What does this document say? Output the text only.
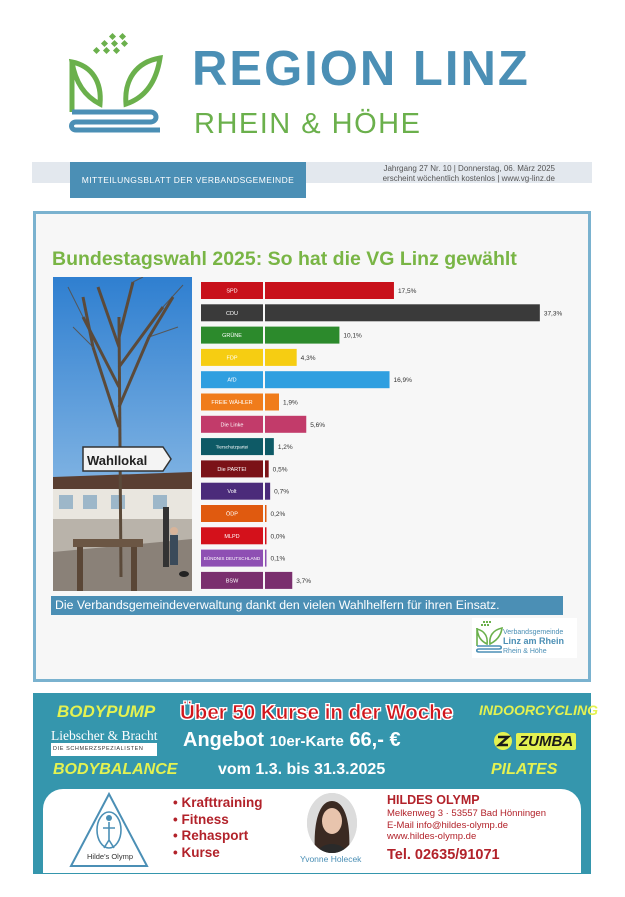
REGION LINZ
RHEIN & HÖHE
MITTEILUNGSBLATT DER VERBANDSGEMEINDE
Jahrgang 27 Nr. 10 | Donnerstag, 06. März 2025
erscheint wöchentlich kostenlos | www.vg-linz.de
Bundestagswahl 2025: So hat die VG Linz gewählt
Wahllokal
SPD	17,5%
CDU	37,3%
GRÜNE	10,1%
FDP	4,3%
AfD	16,9%
FREIE WÄHLER	1,9%
Die Linke	5,6%
Tierschutzpartei	1,2%
Die PARTEI	0,5%
Volt	0,7%
ÖDP	0,2%
MLPD	0,0%
BÜNDNIS DEUTSCHLAND 0,1%
BSW	3,7%
Die Verbandsgemeindeverwaltung dankt den vielen Wahlhelfern für ihren Einsatz.
Verbandsgemeinde
Linz am Rhein
Rhein & Höhe
BODYPUMP
Liebscher & Bracht
DIE SCHMERZSPEZIALISTEN
BODYBALANCE
Über 50 Kurse in der Woche
Angebot 10er-Karte 66,- €
vom 1.3. bis 31.3.2025
INDOORCYCLING
ZUMBA
PILATES
Hilde's Olymp
• Krafttraining
• Fitness
• Rehasport
• Kurse	Yvonne Holecek
HILDES OLYMP
Melkenweg 3 · 53557 Bad Hönningen
E-Mail info@hildes-olymp.de
www.hildes-olymp.de
Tel. 02635/91071
